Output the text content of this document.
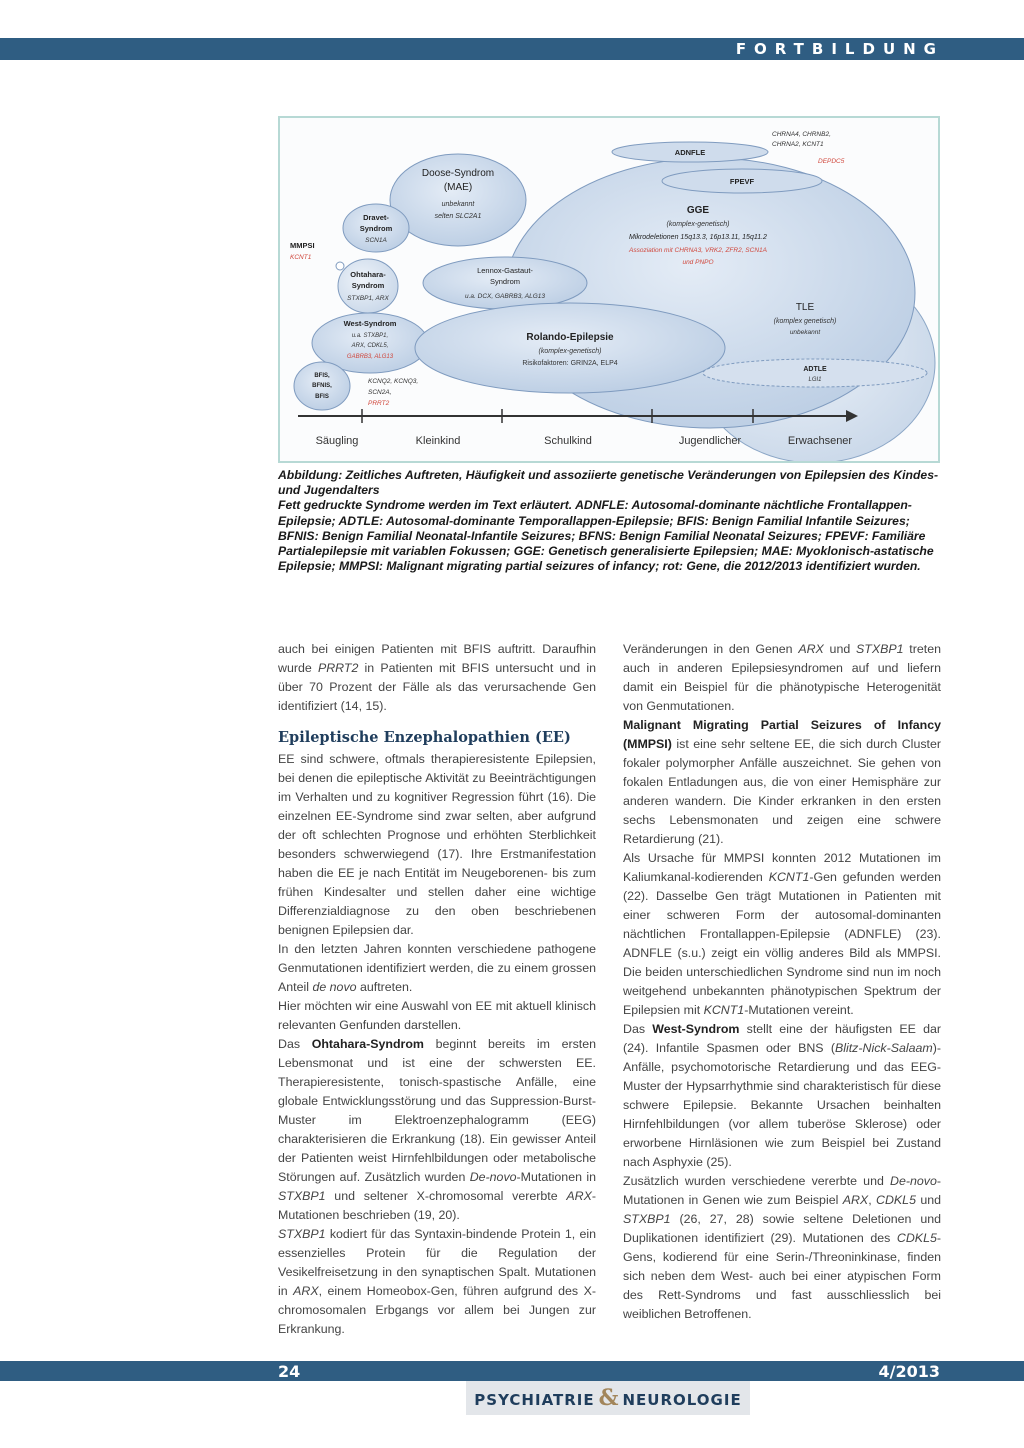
FORTBILDUNG
ADNFLE
CHRNA4, CHRNB2,
CHRNA2, KCNT1
FPEVF
DEPDC5
Doose-Syndrom
(MAE)
unbekannt
selten SLC2A1
Dravet-
Syndrom
SCN1A
MMPSI
KCNT1
Ohtahara-
Syndrom
STXBP1, ARX
Lennox-Gastaut-
Syndrom
u.a. DCX, GABRB3, ALG13
West-Syndrom
u.a. STXBP1,
ARX, CDKL5,
GABRB3, ALG13
Rolando-Epilepsie
(komplex-genetisch)
Risikofaktoren: GRIN2A, ELP4
GGE
(komplex-genetisch)
Mikrodeletionen 15q13.3, 16p13.11, 15q11.2
Assoziation mit CHRNA3, VRK2, ZFR2, SCN1A
und PNPO
BFIS,
BFNIS,
BFIS
KCNQ2, KCNQ3,
SCN2A,
PRRT2
TLE
(komplex genetisch)
unbekannt
ADTLE
LGI1
Säugling	Kleinkind	Schulkind	Jugendlicher	Erwachsener

Abbildung: Zeitliches Auftreten, Häufigkeit und assoziierte genetische Veränderungen von Epilepsien des Kindes- und Jugendalters

Fett gedruckte Syndrome werden im Text erläutert. ADNFLE: Autosomal-dominante nächtliche Frontallappen-Epilepsie; ADTLE: Autosomal-dominante Temporallappen-Epilepsie; BFIS: Benign Familial Infantile Seizures; BFNIS: Benign Familial Neonatal-Infantile Seizures; BFNS: Benign Familial Neonatal Seizures; FPEVF: Familiäre Partialepilepsie mit variablen Fokussen; GGE: Genetisch generalisierte Epilepsien; MAE: Myoklonisch-astatische Epilepsie; MMPSI: Malignant migrating partial seizures of infancy; rot: Gene, die 2012/2013 identifiziert wurden.

auch bei einigen Patienten mit BFIS auftritt. Daraufhin wurde PRRT2 in Patienten mit BFIS untersucht und in über 70 Prozent der Fälle als das verursachende Gen identifiziert (14, 15).

Epileptische Enzephalopathien (EE)

EE sind schwere, oftmals therapieresistente Epilepsien, bei denen die epileptische Aktivität zu Beeinträchtigungen im Verhalten und zu kognitiver Regression führt (16). Die einzelnen EE-Syndrome sind zwar selten, aber aufgrund der oft schlechten Prognose und erhöhten Sterblichkeit besonders schwerwiegend (17). Ihre Erstmanifestation haben die EE je nach Entität im Neugeborenen- bis zum frühen Kindesalter und stellen daher eine wichtige Differenzialdiagnose zu den oben beschriebenen benignen Epilepsien dar.

In den letzten Jahren konnten verschiedene pathogene Genmutationen identifiziert werden, die zu einem grossen Anteil de novo auftreten.

Hier möchten wir eine Auswahl von EE mit aktuell klinisch relevanten Genfunden darstellen.

Das Ohtahara-Syndrom beginnt bereits im ersten Lebensmonat und ist eine der schwersten EE. Therapieresistente, tonisch-spastische Anfälle, eine globale Entwicklungsstörung und das Suppression-Burst-Muster im Elektroenzephalogramm (EEG) charakterisieren die Erkrankung (18). Ein gewisser Anteil der Patienten weist Hirnfehlbildungen oder metabolische Störungen auf. Zusätzlich wurden De-novo-Mutationen in STXBP1 und seltener X-chromosomal vererbte ARX-Mutationen beschrieben (19, 20).

STXBP1 kodiert für das Syntaxin-bindende Protein 1, ein essenzielles Protein für die Regulation der Vesikelfreisetzung in den synaptischen Spalt. Mutationen in ARX, einem Homeobox-Gen, führen aufgrund des X-chromosomalen Erbgangs vor allem bei Jungen zur Erkrankung.

Veränderungen in den Genen ARX und STXBP1 treten auch in anderen Epilepsiesyndromen auf und liefern damit ein Beispiel für die phänotypische Heterogenität von Genmutationen.

Malignant Migrating Partial Seizures of Infancy (MMPSI) ist eine sehr seltene EE, die sich durch Cluster fokaler polymorpher Anfälle auszeichnet. Sie gehen von fokalen Entladungen aus, die von einer Hemisphäre zur anderen wandern. Die Kinder erkranken in den ersten sechs Lebensmonaten und zeigen eine schwere Retardierung (21).

Als Ursache für MMPSI konnten 2012 Mutationen im Kaliumkanal-kodierenden KCNT1-Gen gefunden werden (22). Dasselbe Gen trägt Mutationen in Patienten mit einer schweren Form der autosomal-dominanten nächtlichen Frontallappen-Epilepsie (ADNFLE) (23). ADNFLE (s.u.) zeigt ein völlig anderes Bild als MMPSI. Die beiden unterschiedlichen Syndrome sind nun im noch weitgehend unbekannten phänotypischen Spektrum der Epilepsien mit KCNT1-Mutationen vereint.

Das West-Syndrom stellt eine der häufigsten EE dar (24). Infantile Spasmen oder BNS (Blitz-Nick-Salaam)-Anfälle, psychomotorische Retardierung und das EEG-Muster der Hypsarrhythmie sind charakteristisch für diese schwere Epilepsie. Bekannte Ursachen beinhalten Hirnfehlbildungen (vor allem tuberöse Sklerose) oder erworbene Hirnläsionen wie zum Beispiel bei Zustand nach Asphyxie (25).

Zusätzlich wurden verschiedene vererbte und De-novo-Mutationen in Genen wie zum Beispiel ARX, CDKL5 und STXBP1 (26, 27, 28) sowie seltene Deletionen und Duplikationen identifiziert (29). Mutationen des CDKL5-Gens, kodierend für eine Serin-/Threoninkinase, finden sich neben dem West- auch bei einer atypischen Form des Rett-Syndroms und fast ausschliesslich bei weiblichen Betroffenen.

24	4/2013
PSYCHIATRIE & NEUROLOGIE
